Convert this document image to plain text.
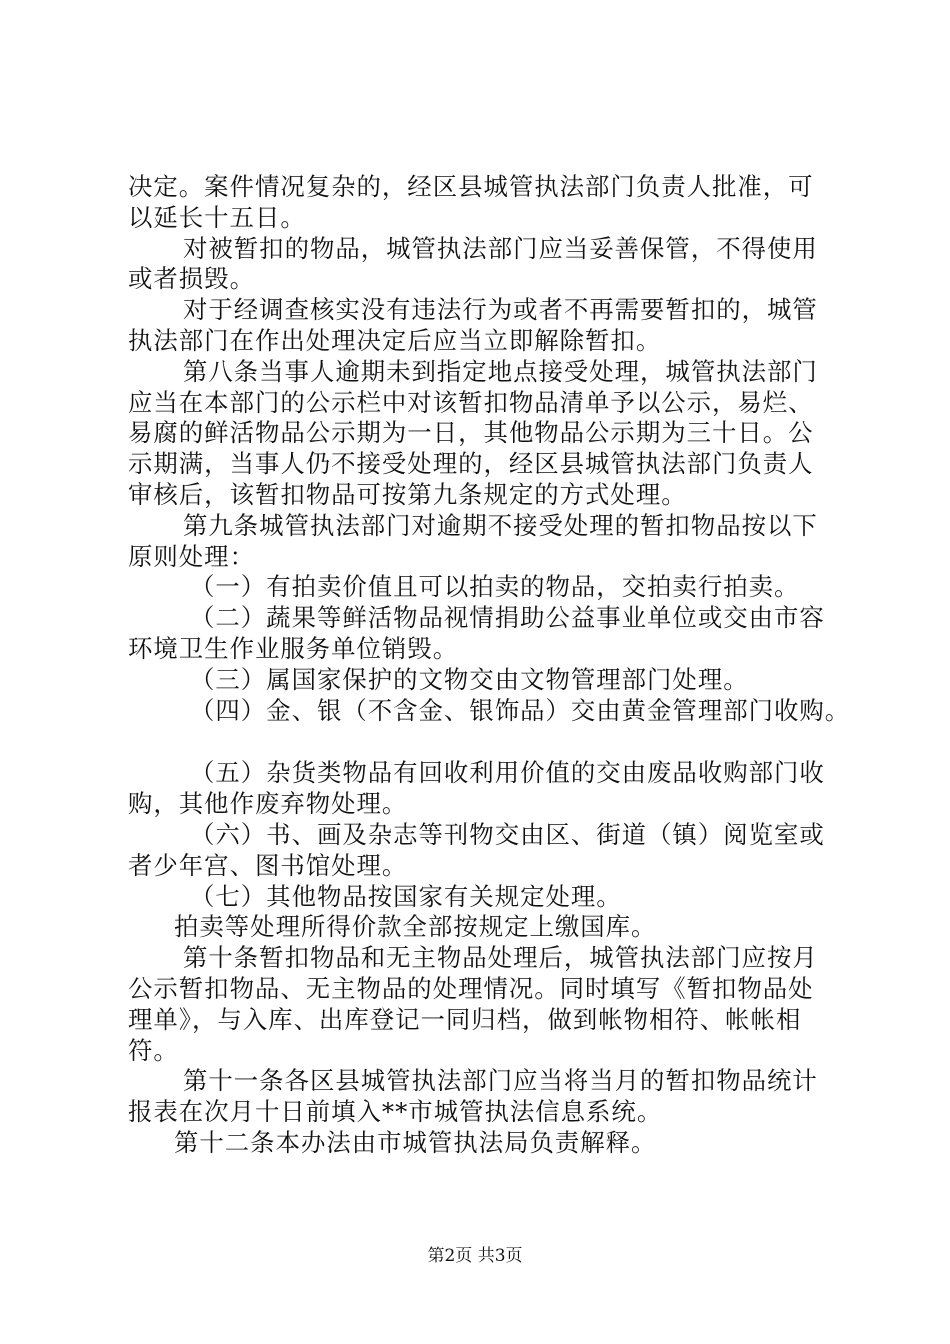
决定。案件情况复杂的，经区县城管执法部门负责人批准，可
以延长十五日。
对被暂扣的物品，城管执法部门应当妥善保管，不得使用
或者损毁。
对于经调查核实没有违法行为或者不再需要暂扣的，城管
执法部门在作出处理决定后应当立即解除暂扣。
第八条当事人逾期未到指定地点接受处理，城管执法部门
应当在本部门的公示栏中对该暂扣物品清单予以公示，易烂、
易腐的鲜活物品公示期为一日，其他物品公示期为三十日。公
示期满，当事人仍不接受处理的，经区县城管执法部门负责人
审核后，该暂扣物品可按第九条规定的方式处理。
第九条城管执法部门对逾期不接受处理的暂扣物品按以下
原则处理：
（一）有拍卖价值且可以拍卖的物品，交拍卖行拍卖。
（二）蔬果等鲜活物品视情捐助公益事业单位或交由市容
环境卫生作业服务单位销毁。
（三）属国家保护的文物交由文物管理部门处理。
（四）金、银（不含金、银饰品）交由黄金管理部门收购。
（五）杂货类物品有回收利用价值的交由废品收购部门收
购，其他作废弃物处理。
（六）书、画及杂志等刊物交由区、街道（镇）阅览室或
者少年宫、图书馆处理。
（七）其他物品按国家有关规定处理。
拍卖等处理所得价款全部按规定上缴国库。
第十条暂扣物品和无主物品处理后，城管执法部门应按月
公示暂扣物品、无主物品的处理情况。同时填写《暂扣物品处
理单》，与入库、出库登记一同归档，做到帐物相符、帐帐相
符。
第十一条各区县城管执法部门应当将当月的暂扣物品统计
报表在次月十日前填入**市城管执法信息系统。
第十二条本办法由市城管执法局负责解释。
第2页 共3页
